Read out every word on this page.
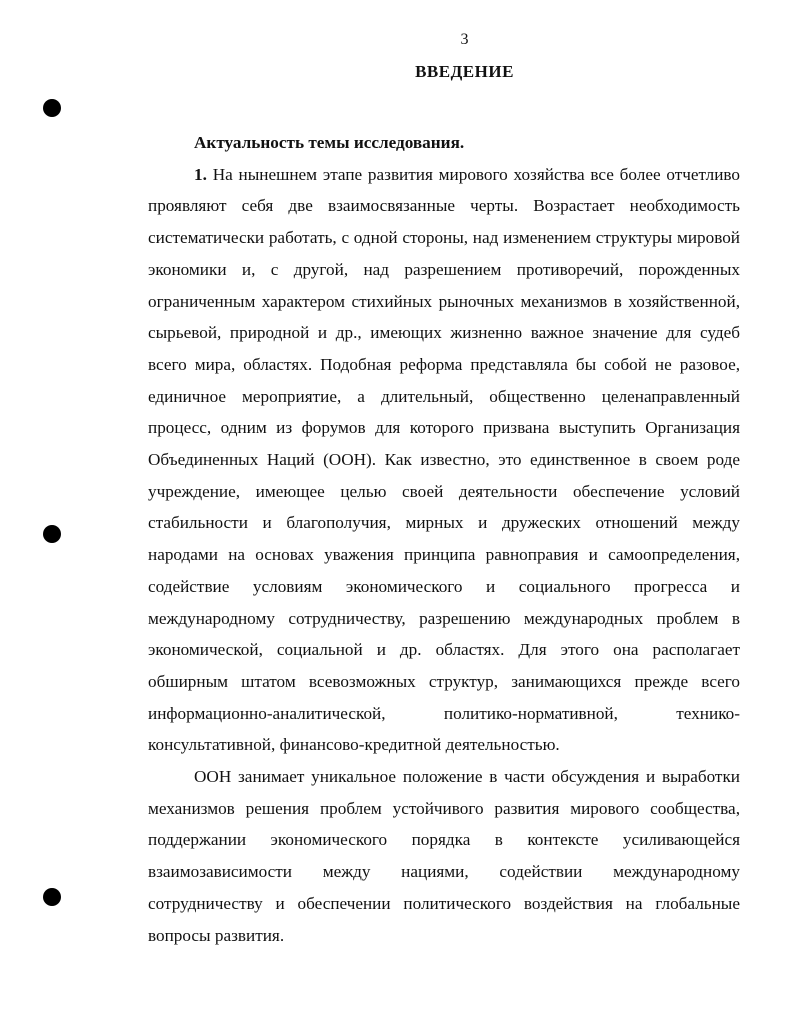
3
ВВЕДЕНИЕ
Актуальность темы исследования.

1. На нынешнем этапе развития мирового хозяйства все более отчетливо проявляют себя две взаимосвязанные черты. Возрастает необходимость систематически работать, с одной стороны, над изменением структуры мировой экономики и, с другой, над разрешением противоречий, порожденных ограниченным характером стихийных рыночных механизмов в хозяйственной, сырьевой, природной и др., имеющих жизненно важное значение для судеб всего мира, областях. Подобная реформа представляла бы собой не разовое, единичное мероприятие, а длительный, общественно целенаправленный процесс, одним из форумов для которого призвана выступить Организация Объединенных Наций (ООН). Как известно, это единственное в своем роде учреждение, имеющее целью своей деятельности обеспечение условий стабильности и благополучия, мирных и дружеских отношений между народами на основах уважения принципа равноправия и самоопределения, содействие условиям экономического и социального прогресса и международному сотрудничеству, разрешению международных проблем в экономической, социальной и др. областях. Для этого она располагает обширным штатом всевозможных структур, занимающихся прежде всего информационно-аналитической, политико-нормативной, технико-консультативной, финансово-кредитной деятельностью.

ООН занимает уникальное положение в части обсуждения и выработки механизмов решения проблем устойчивого развития мирового сообщества, поддержании экономического порядка в контексте усиливающейся взаимозависимости между нациями, содействии международному сотрудничеству и обеспечении политического воздействия на глобальные вопросы развития.
